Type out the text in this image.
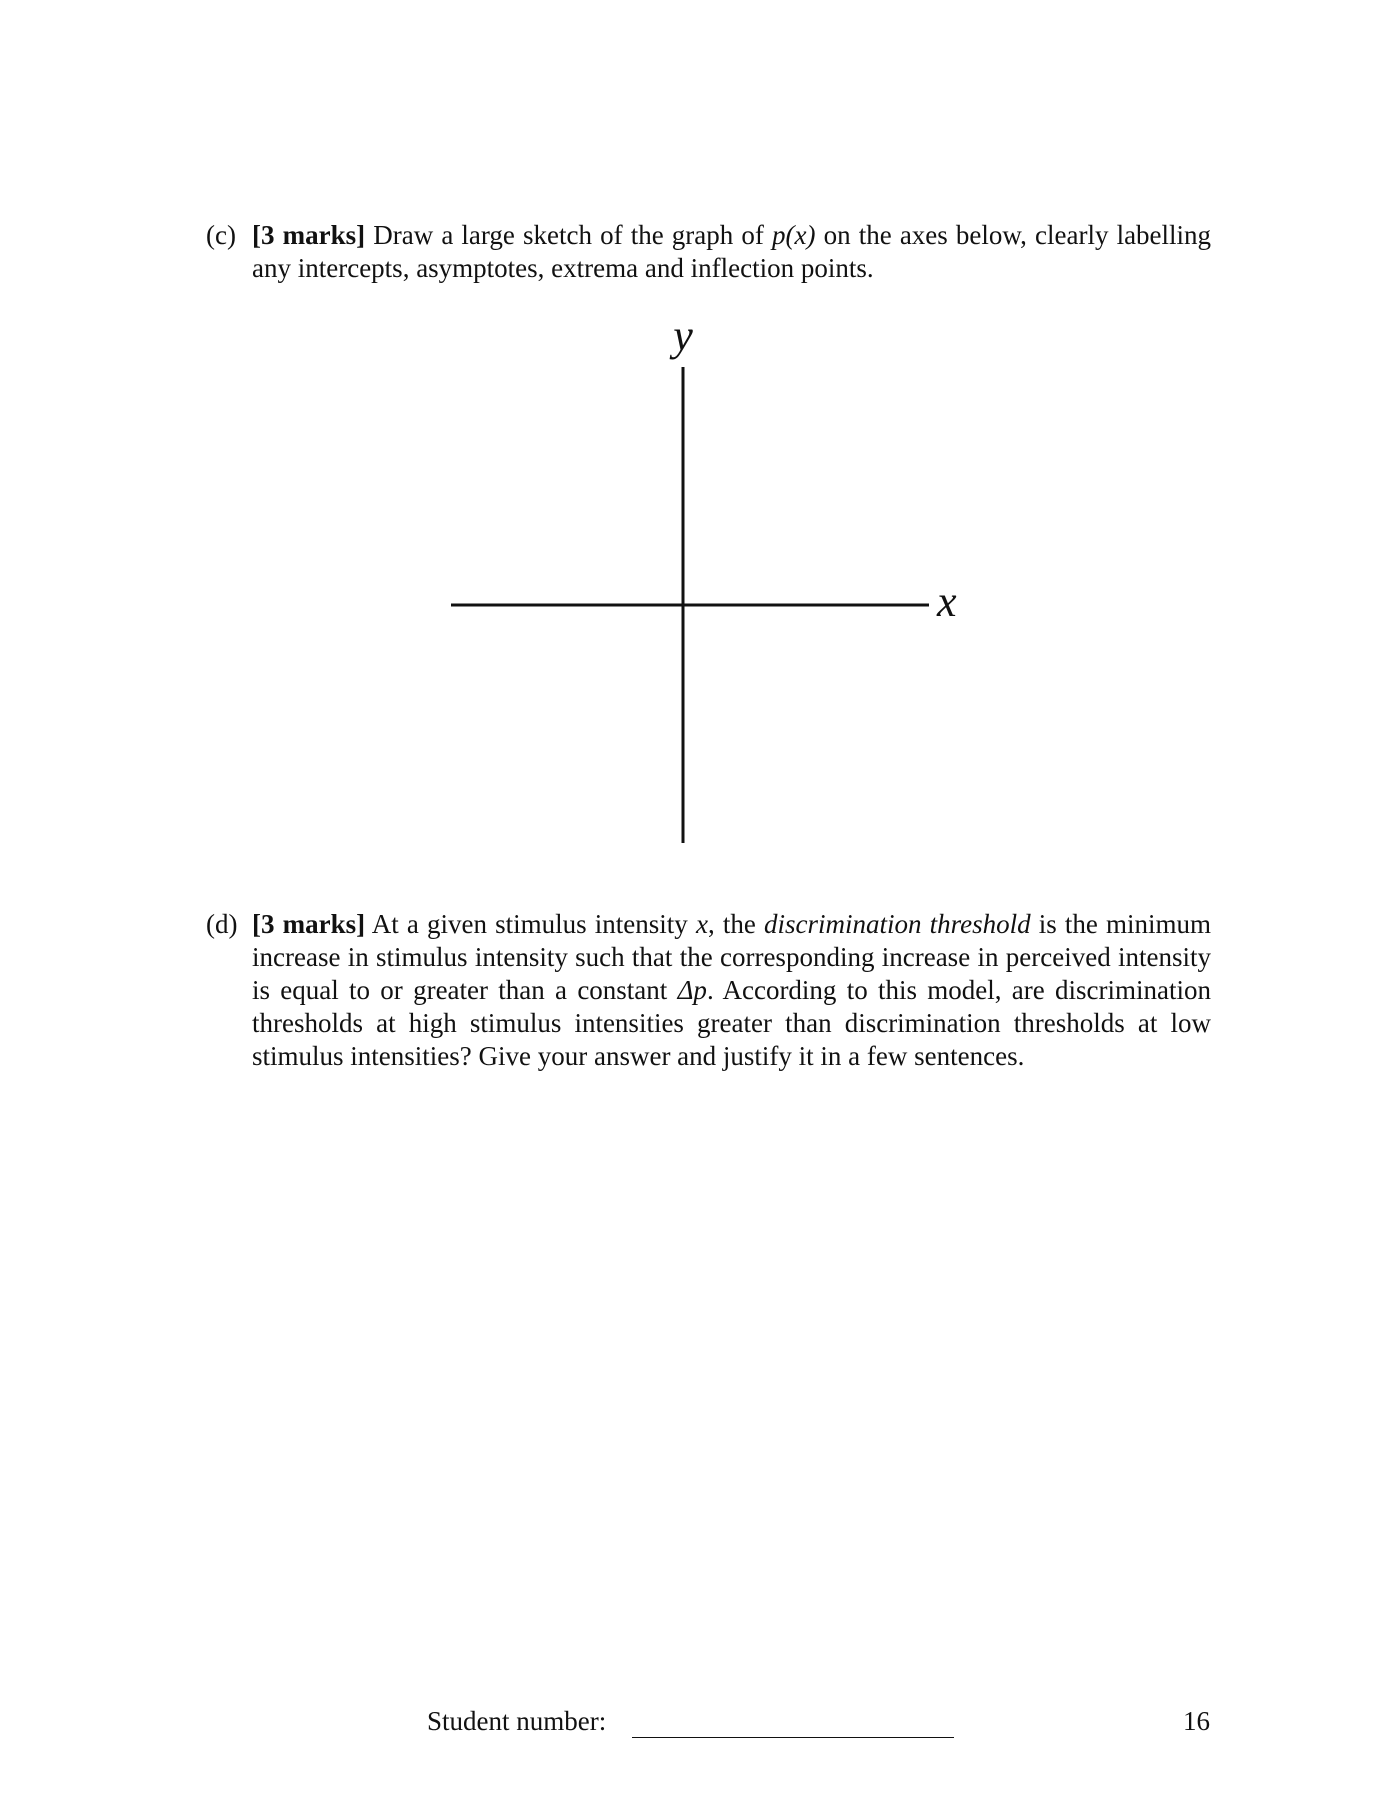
(c) [3 marks] Draw a large sketch of the graph of p(x) on the axes below, clearly labelling any intercepts, asymptotes, extrema and inflection points.
y
x
(d) [3 marks] At a given stimulus intensity x, the discrimination threshold is the minimum increase in stimulus intensity such that the corresponding increase in perceived intensity is equal to or greater than a constant Δp. According to this model, are discrimination thresholds at high stimulus intensities greater than discrimination thresholds at low stimulus intensities? Give your answer and justify it in a few sentences.
Student number:	16
